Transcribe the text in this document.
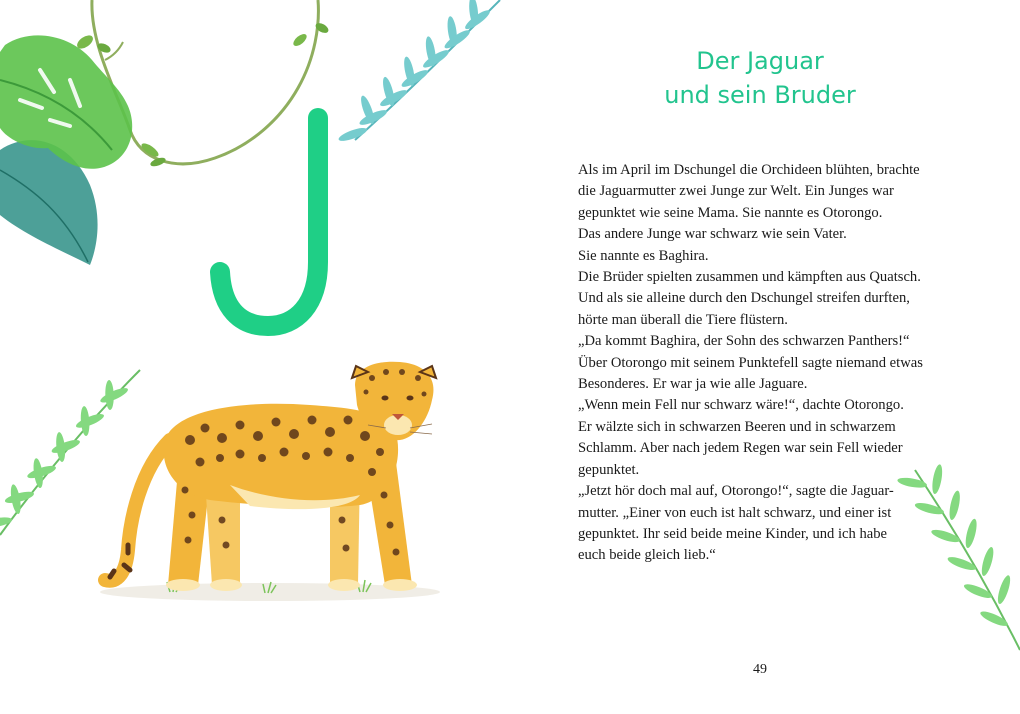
Der Jaguar
und sein Bruder

Als im April im Dschungel die Orchideen blühten, brachte

die Jaguarmutter zwei Junge zur Welt. Ein Junges war

gepunktet wie seine Mama. Sie nannte es Otorongo.

Das andere Junge war schwarz wie sein Vater.

Sie nannte es Baghira.

Die Brüder spielten zusammen und kämpften aus Quatsch.

Und als sie alleine durch den Dschungel streifen durften,

hörte man überall die Tiere flüstern.

„Da kommt Baghira, der Sohn des schwarzen Panthers!“

Über Otorongo mit seinem Punktefell sagte niemand etwas

Besonderes. Er war ja wie alle Jaguare.

„Wenn mein Fell nur schwarz wäre!“, dachte Otorongo.

Er wälzte sich in schwarzen Beeren und in schwarzem

Schlamm. Aber nach jedem Regen war sein Fell wieder

gepunktet.

„Jetzt hör doch mal auf, Otorongo!“, sagte die Jaguar-

mutter. „Einer von euch ist halt schwarz, und einer ist

gepunktet. Ihr seid beide meine Kinder, und ich habe

euch beide gleich lieb.“

49
